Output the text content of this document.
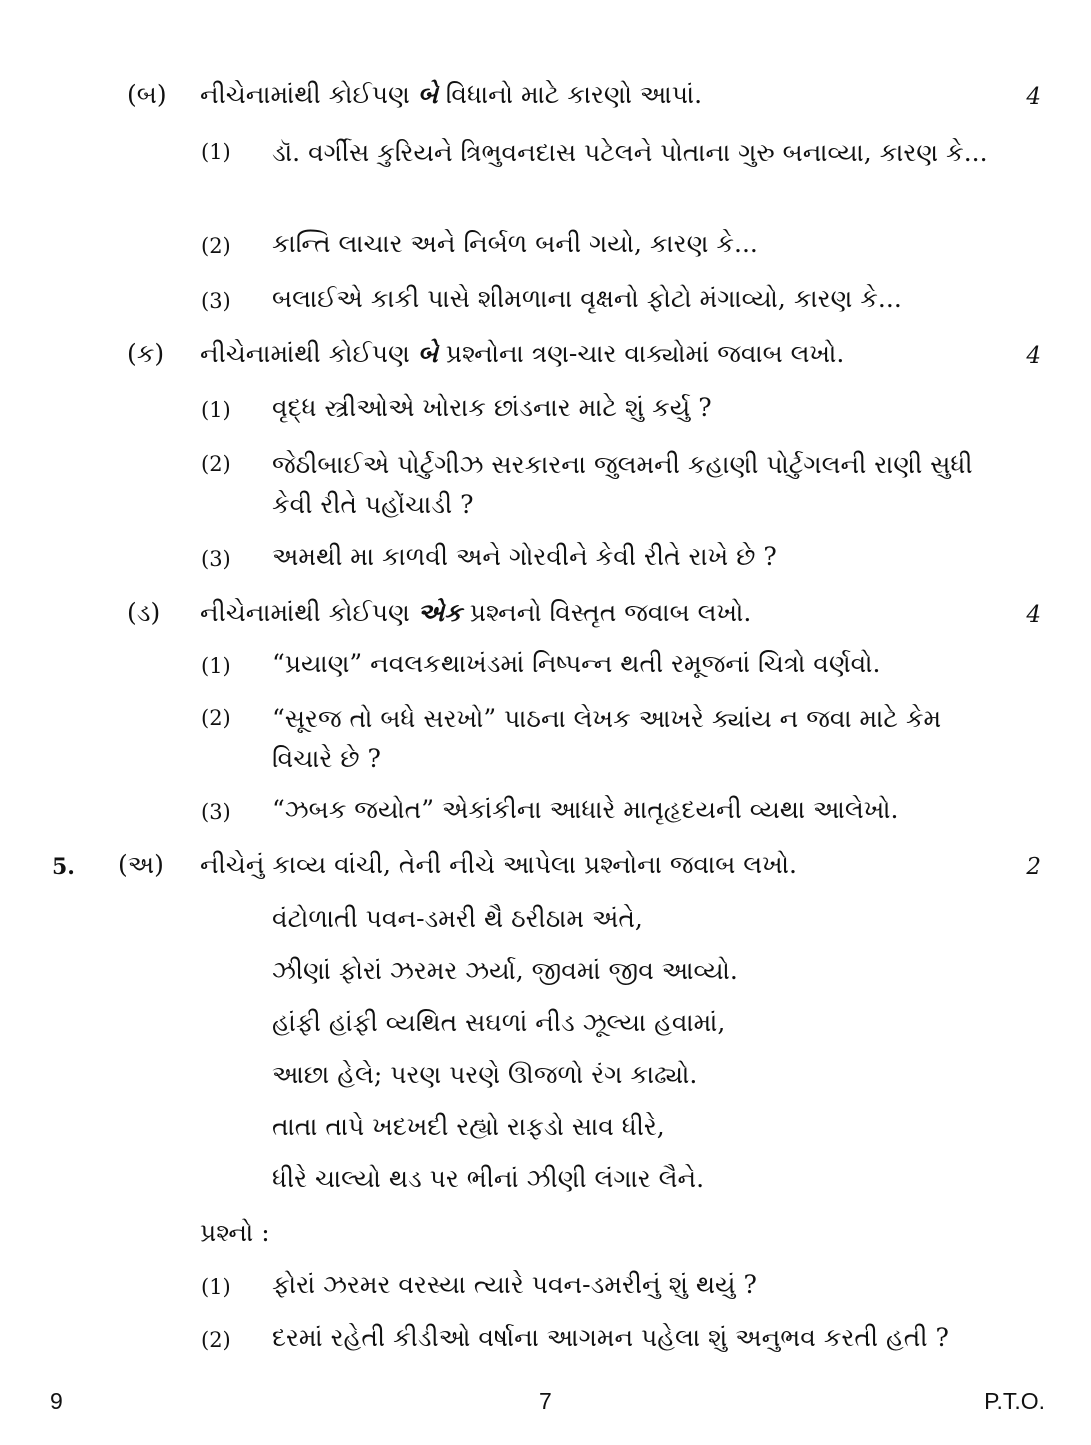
(બ) નીચેનામાંથી કોઈપણ બે વિધાનો માટે કારણો આપાં.	4
(1) ડૉ. વર્ગીસ કુરિયને ત્રિભુવનદાસ પટેલને પોતાના ગુરુ બનાવ્યા, કારણ કે...
(2) કાન્તિ લાચાર અને નિર્બળ બની ગયો, કારણ કે...
(3) બલાઈએ કાકી પાસે શીમળાના વૃક્ષનો ફોટો મંગાવ્યો, કારણ કે...
(ક) નીચેનામાંથી કોઈપણ બે પ્રશ્નોના ત્રણ-ચાર વાક્યોમાં જવાબ લખો.	4
(1) વૃદ્ધ સ્ત્રીઓએ ખોરાક છાંડનાર માટે શું કર્યુ ?
(2) જેઠીબાઈએ પોર્ટુગીઝ સરકારના જુલમની કહાણી પોર્ટુગલની રાણી સુધી કેવી રીતે પહોંચાડી ?
(3) અમથી મા કાળવી અને ગોરવીને કેવી રીતે રાખે છે ?
(ડ) નીચેનામાંથી કોઈપણ એક પ્રશ્નનો વિસ્તૃત જવાબ લખો.	4
(1) “પ્રયાણ” નવલકથાખંડમાં નિષ્પન્ન થતી રમૂજનાં ચિત્રો વર્ણવો.
(2) “સૂરજ તો બધે સરખો” પાઠના લેખક આખરે ક્યાંય ન જવા માટે કેમ વિચારે છે ?
(3) “ઝબક જયોત” એકાંકીના આધારે માતૃહૃદયની વ્યથા આલેખો.
5. (અ) નીચેનું કાવ્ય વાંચી, તેની નીચે આપેલા પ્રશ્નોના જવાબ લખો.	2
વંટોળાતી પવન-ડમરી થૈ ઠરીઠામ અંતે,
ઝીણાં ફોરાં ઝરમર ઝર્યા, જીવમાં જીવ આવ્યો.
હાંફી હાંફી વ્યથિત સઘળાં નીડ ઝૂલ્યા હવામાં,
આછા હેલે; પરણ પરણે ઊજળો રંગ કાઢ્યો.
તાતા તાપે ખદખદી રહ્યો રાફડો સાવ ધીરે,
ધીરે ચાલ્યો થડ પર ભીનાં ઝીણી લંગાર લૈને.
પ્રશ્નો :
(1) ફોરાં ઝરમર વરસ્યા ત્યારે પવન-ડમરીનું શું થયું ?
(2) દરમાં રહેતી કીડીઓ વર્ષાના આગમન પહેલા શું અનુભવ કરતી હતી ?
9	7	P.T.O.
